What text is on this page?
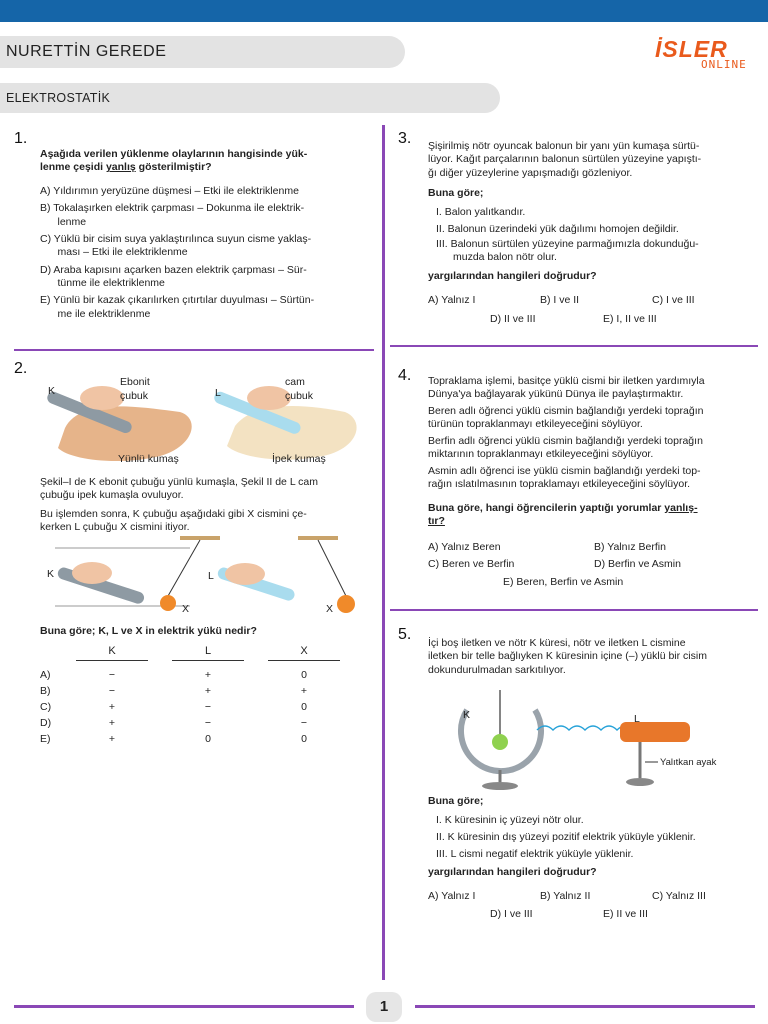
NURETTİN GEREDE
ELEKTROSTATİK
İSLER
ONLINE
1.
Aşağıda verilen yüklenme olaylarının hangisinde yük-
lenme çeşidi yanlış gösterilmiştir?
A) Yıldırımın yeryüzüne düşmesi – Etki ile elektriklenme
B) Tokalaşırken elektrik çarpması – Dokunma ile elektrik-
lenme
C) Yüklü bir cisim suya yaklaştırılınca suyun cisme yaklaş-
ması – Etki ile elektriklenme
D) Araba kapısını açarken bazen elektrik çarpması – Sür-
tünme ile elektriklenme
E) Yünlü bir kazak çıkarılırken çıtırtılar duyulması – Sürtün-
me ile elektriklenme
2.
K
Ebonit
çubuk
Yünlü kumaş
L
cam
çubuk
İpek kumaş
Şekil–I de K ebonit çubuğu yünlü kumaşla, Şekil II de L cam
çubuğu ipek kumaşla ovuluyor.
Bu işlemden sonra, K çubuğu aşağıdaki gibi X cismini çe-
kerken L çubuğu X cismini itiyor.
K	L
X	X
Buna göre; K, L ve X in elektrik yükü nedir?
K	L	X
A)	−	+	0
B)	−	+	+
C)	+	−	0
D)	+	−	−
E)	+	0	0
3. Şişirilmiş nötr oyuncak balonun bir yanı yün kumaşa sürtü-
lüyor. Kağıt parçalarının balonun sürtülen yüzeyine yapıştı-
ğı diğer yüzeylerine yapışmadığı gözleniyor.
Buna göre;
I. Balon yalıtkandır.
II. Balonun üzerindeki yük dağılımı homojen değildir.
III. Balonun sürtülen yüzeyine parmağımızla dokunduğu-
muzda balon nötr olur.
yargılarından hangileri doğrudur?
A) Yalnız I	B) I ve II	C) I ve III
D) II ve III	E) I, II ve III
4. Topraklama işlemi, basitçe yüklü cismi bir iletken yardımıyla
Dünya'ya bağlayarak yükünü Dünya ile paylaştırmaktır.
Beren adlı öğrenci yüklü cismin bağlandığı yerdeki toprağın
türünün topraklanmayı etkileyeceğini söylüyor.
Berfin adlı öğrenci yüklü cismin bağlandığı yerdeki toprağın
miktarının topraklanmayı etkileyeceğini söylüyor.
Asmin adlı öğrenci ise yüklü cismin bağlandığı yerdeki top-
rağın ıslatılmasının topraklamayı etkileyeceğini söylüyor.
Buna göre, hangi öğrencilerin yaptığı yorumlar yanlış-
tır?
A) Yalnız Beren	B) Yalnız Berfin
C) Beren ve Berfin	D) Berfin ve Asmin
E) Beren, Berfin ve Asmin
5. İçi boş iletken ve nötr K küresi, nötr ve iletken L cismine
iletken bir telle bağlıyken K küresinin içine (–) yüklü bir cisim
dokundurulmadan sarkıtılıyor.
K	L
Yalıtkan ayak
Buna göre;
I. K küresinin iç yüzeyi nötr olur.
II. K küresinin dış yüzeyi pozitif elektrik yüküyle yüklenir.
III. L cismi negatif elektrik yüküyle yüklenir.
yargılarından hangileri doğrudur?
A) Yalnız I	B) Yalnız II	C) Yalnız III
D) I ve III	E) II ve III
1
